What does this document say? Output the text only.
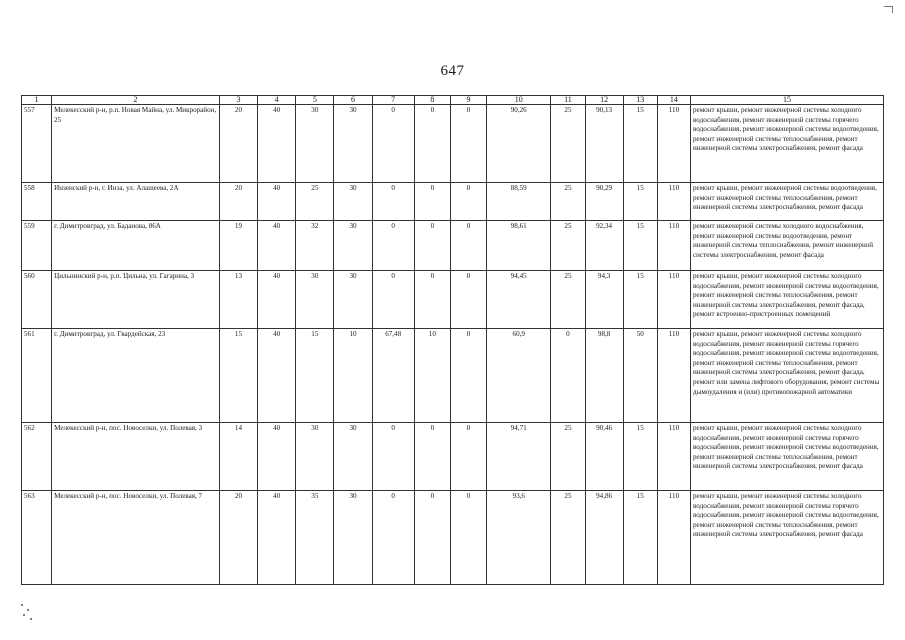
647
1	2	3	4	5	6	7	8	9	10	11	12	13	14	15
557	Мелекесский р-н, р.п. Новая Майна, ул. Микрорайон, 25	20	40	30	30	0	0	0	90,26	25	90,13	15	110	ремонт крыши, ремонт инженерной системы холодного водоснабжения, ремонт инженерной системы горячего водоснабжения, ремонт инженерной системы водоотведения, ремонт инженерной системы теплоснабжения, ремонт инженерной системы электроснабжения, ремонт фасада
558	Инзенский р-н, г. Инза, ул. Алашеева, 2А	20	40	25	30	0	0	0	88,59	25	90,29	15	110	ремонт крыши, ремонт инженерной системы водоотведения, ремонт инженерной системы теплоснабжения, ремонт инженерной системы электроснабжения, ремонт фасада
559	г. Димитровград, ул. Баданова, 86А	19	40	32	30	0	0	0	98,61	25	92,34	15	110	ремонт инженерной системы холодного водоснабжения, ремонт инженерной системы водоотведения, ремонт инженерной системы теплоснабжения, ремонт инженерной системы электроснабжения, ремонт фасада
560	Цильнинский р-н, р.п. Цильна, ул. Гагарина, 3	13	40	30	30	0	0	0	94,45	25	94,3	15	110	ремонт крыши, ремонт инженерной системы холодного водоснабжения, ремонт инженерной системы водоотведения, ремонт инженерной системы теплоснабжения, ремонт инженерной системы электроснабжения, ремонт фасада, ремонт встроенно-пристроенных помещений
561	г. Димитровград, ул. Гвардейская, 23	15	40	15	10	67,48	10	0	60,9	0	98,8	50	110	ремонт крыши, ремонт инженерной системы холодного водоснабжения, ремонт инженерной системы горячего водоснабжения, ремонт инженерной системы водоотведения, ремонт инженерной системы теплоснабжения, ремонт инженерной системы электроснабжения, ремонт фасада, ремонт или замена лифтового оборудования, ремонт системы дымоудаления и (или) противопожарной автоматики
562	Мелекесский р-н, пос. Новоселки, ул. Полевая, 3	14	40	30	30	0	0	0	94,71	25	90,46	15	110	ремонт крыши, ремонт инженерной системы холодного водоснабжения, ремонт инженерной системы горячего водоснабжения, ремонт инженерной системы водоотведения, ремонт инженерной системы теплоснабжения, ремонт инженерной системы электроснабжения, ремонт фасада
563	Мелекесский р-н, пос. Новоселки, ул. Полевая, 7	20	40	35	30	0	0	0	93,6	25	94,86	15	110	ремонт крыши, ремонт инженерной системы холодного водоснабжения, ремонт инженерной системы горячего водоснабжения, ремонт инженерной системы водоотведения, ремонт инженерной системы теплоснабжения, ремонт инженерной системы электроснабжения, ремонт фасада
